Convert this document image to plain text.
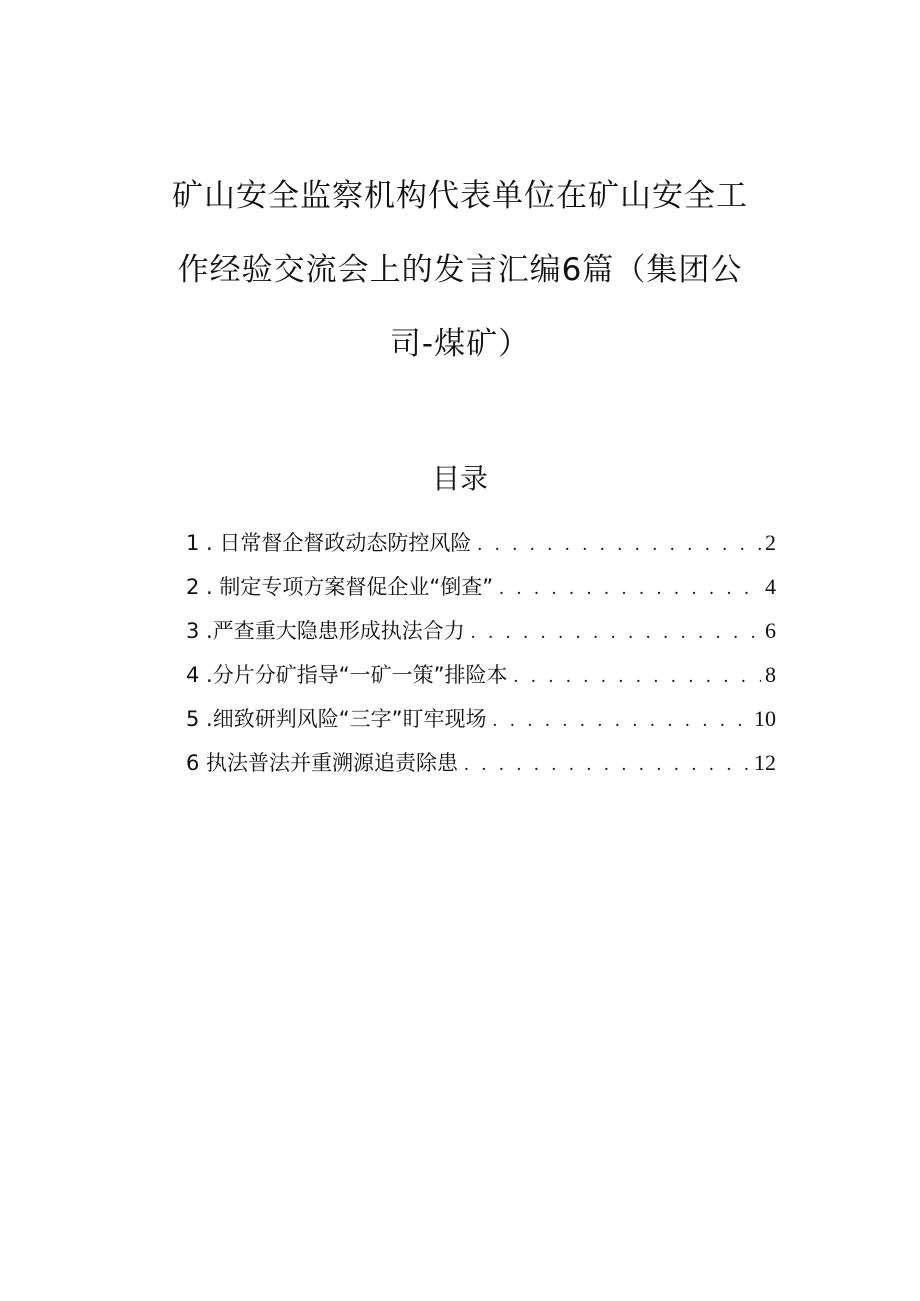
矿山安全监察机构代表单位在矿山安全工
作经验交流会上的发言汇编6篇（集团公
司-煤矿）
目录
1 . 日常督企督政动态防控风险 . . .	2
2 . 制定专项方案督促企业“倒查” . . .	4
3 .严查重大隐患形成执法合力 . . .	6
4 .分片分矿指导“一矿一策”排险本 . . .	8
5 .细致研判风险“三字”盯牢现场 . . .	10
6 执法普法并重溯源追责除患 . . .	12
